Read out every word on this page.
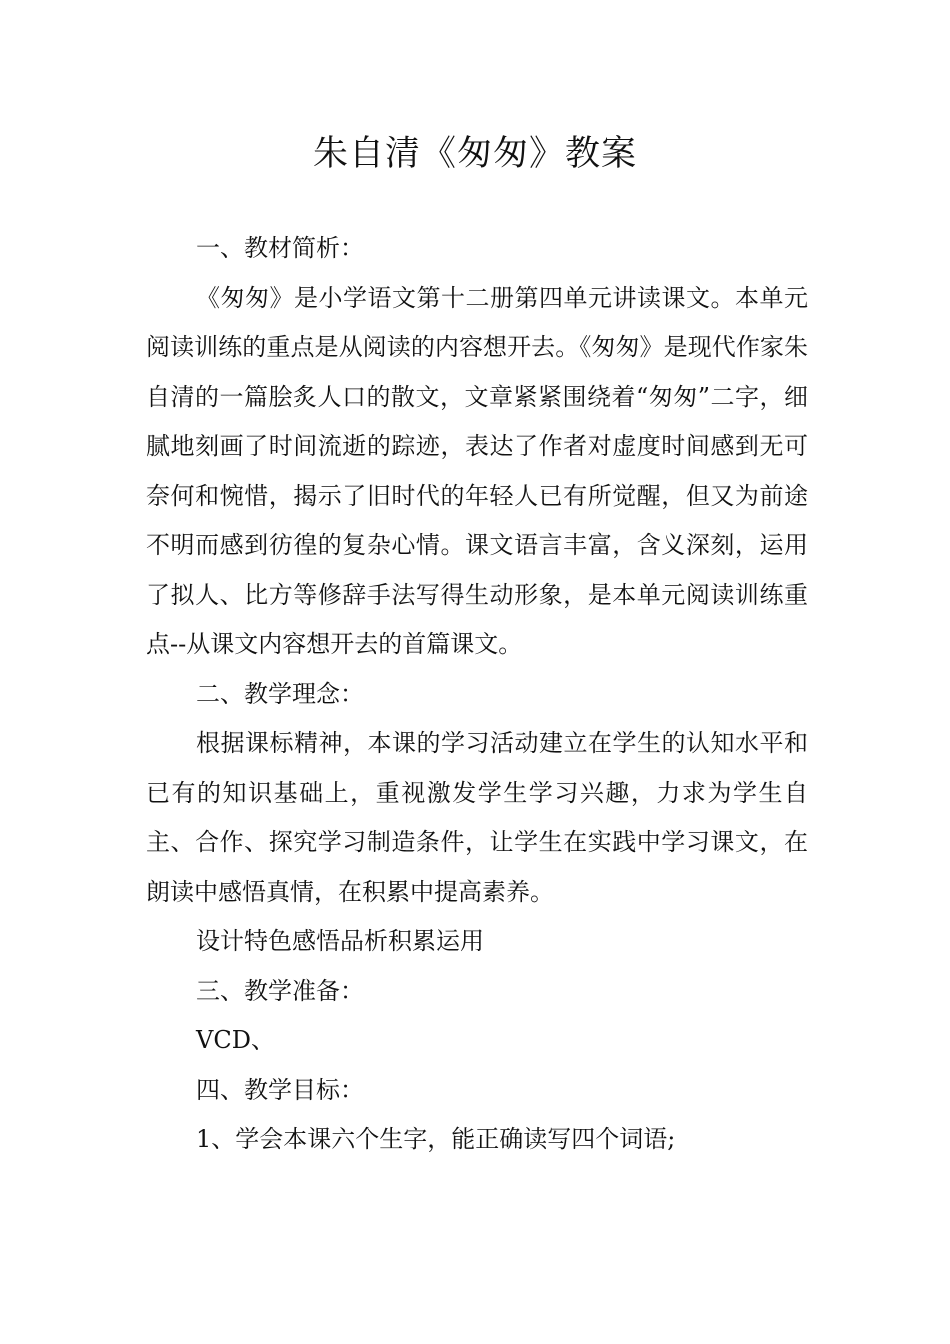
朱自清《匆匆》教案

一、教材简析：

《匆匆》是小学语文第十二册第四单元讲读课文。本单元阅读训练的重点是从阅读的内容想开去。《匆匆》是现代作家朱自清的一篇脍炙人口的散文，文章紧紧围绕着“匆匆”二字，细腻地刻画了时间流逝的踪迹，表达了作者对虚度时间感到无可奈何和惋惜，揭示了旧时代的年轻人已有所觉醒，但又为前途不明而感到彷徨的复杂心情。课文语言丰富，含义深刻，运用了拟人、比方等修辞手法写得生动形象，是本单元阅读训练重点--从课文内容想开去的首篇课文。

二、教学理念：

根据课标精神，本课的学习活动建立在学生的认知水平和已有的知识基础上，重视激发学生学习兴趣，力求为学生自主、合作、探究学习制造条件，让学生在实践中学习课文，在朗读中感悟真情，在积累中提高素养。

设计特色感悟品析积累运用

三、教学准备：

VCD、

四、教学目标：

1、学会本课六个生字，能正确读写四个词语;
